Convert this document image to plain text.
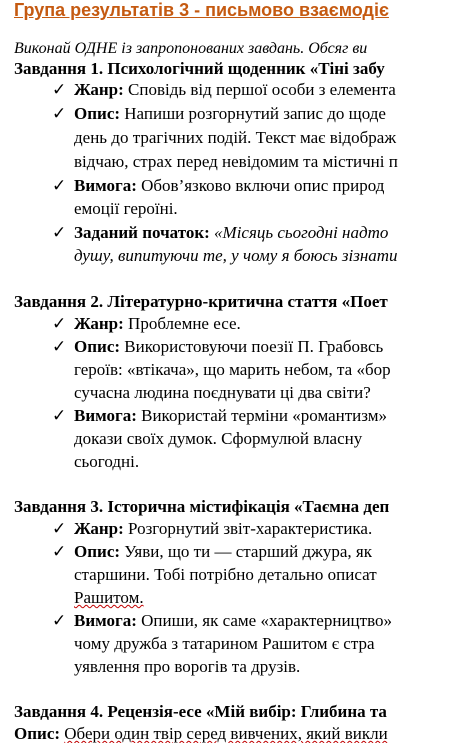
Група результатів 3 - письмово взаємодіє
Виконай ОДНЕ із запропонованих завдань. Обсяг ви
Завдання 1. Психологічний щоденник «Тіні забу
✓ Жанр: Сповідь від першої особи з елемента
✓ Опис: Напиши розгорнутий запис до щоде
день до трагічних подій. Текст має відображ
відчаю, страх перед невідомим та містичні п
✓ Вимога: Обов’язково включи опис природ
емоції героїні.
✓ Заданий початок: «Місяць сьогодні надто
душу, випитуючи те, у чому я боюсь зізнати
Завдання 2. Літературно-критична стаття «Поет
✓ Жанр: Проблемне есе.
✓ Опис: Використовуючи поезії П. Грабовсь
героїв: «втікача», що марить небом, та «бор
сучасна людина поєднувати ці два світи?
✓ Вимога: Використай терміни «романтизм»
докази своїх думок. Сформулюй власну
сьогодні.
Завдання 3. Історична містифікація «Таємна деп
✓ Жанр: Розгорнутий звіт-характеристика.
✓ Опис: Уяви, що ти — старший джура, як
старшини. Тобі потрібно детально описат
Рашитом.
✓ Вимога: Опиши, як саме «характерництво»
чому дружба з татарином Рашитом є стра
уявлення про ворогів та друзів.
Завдання 4. Рецензія-есе «Мій вибір: Глибина та
Опис: Обери один твір серед вивчених, який викли
